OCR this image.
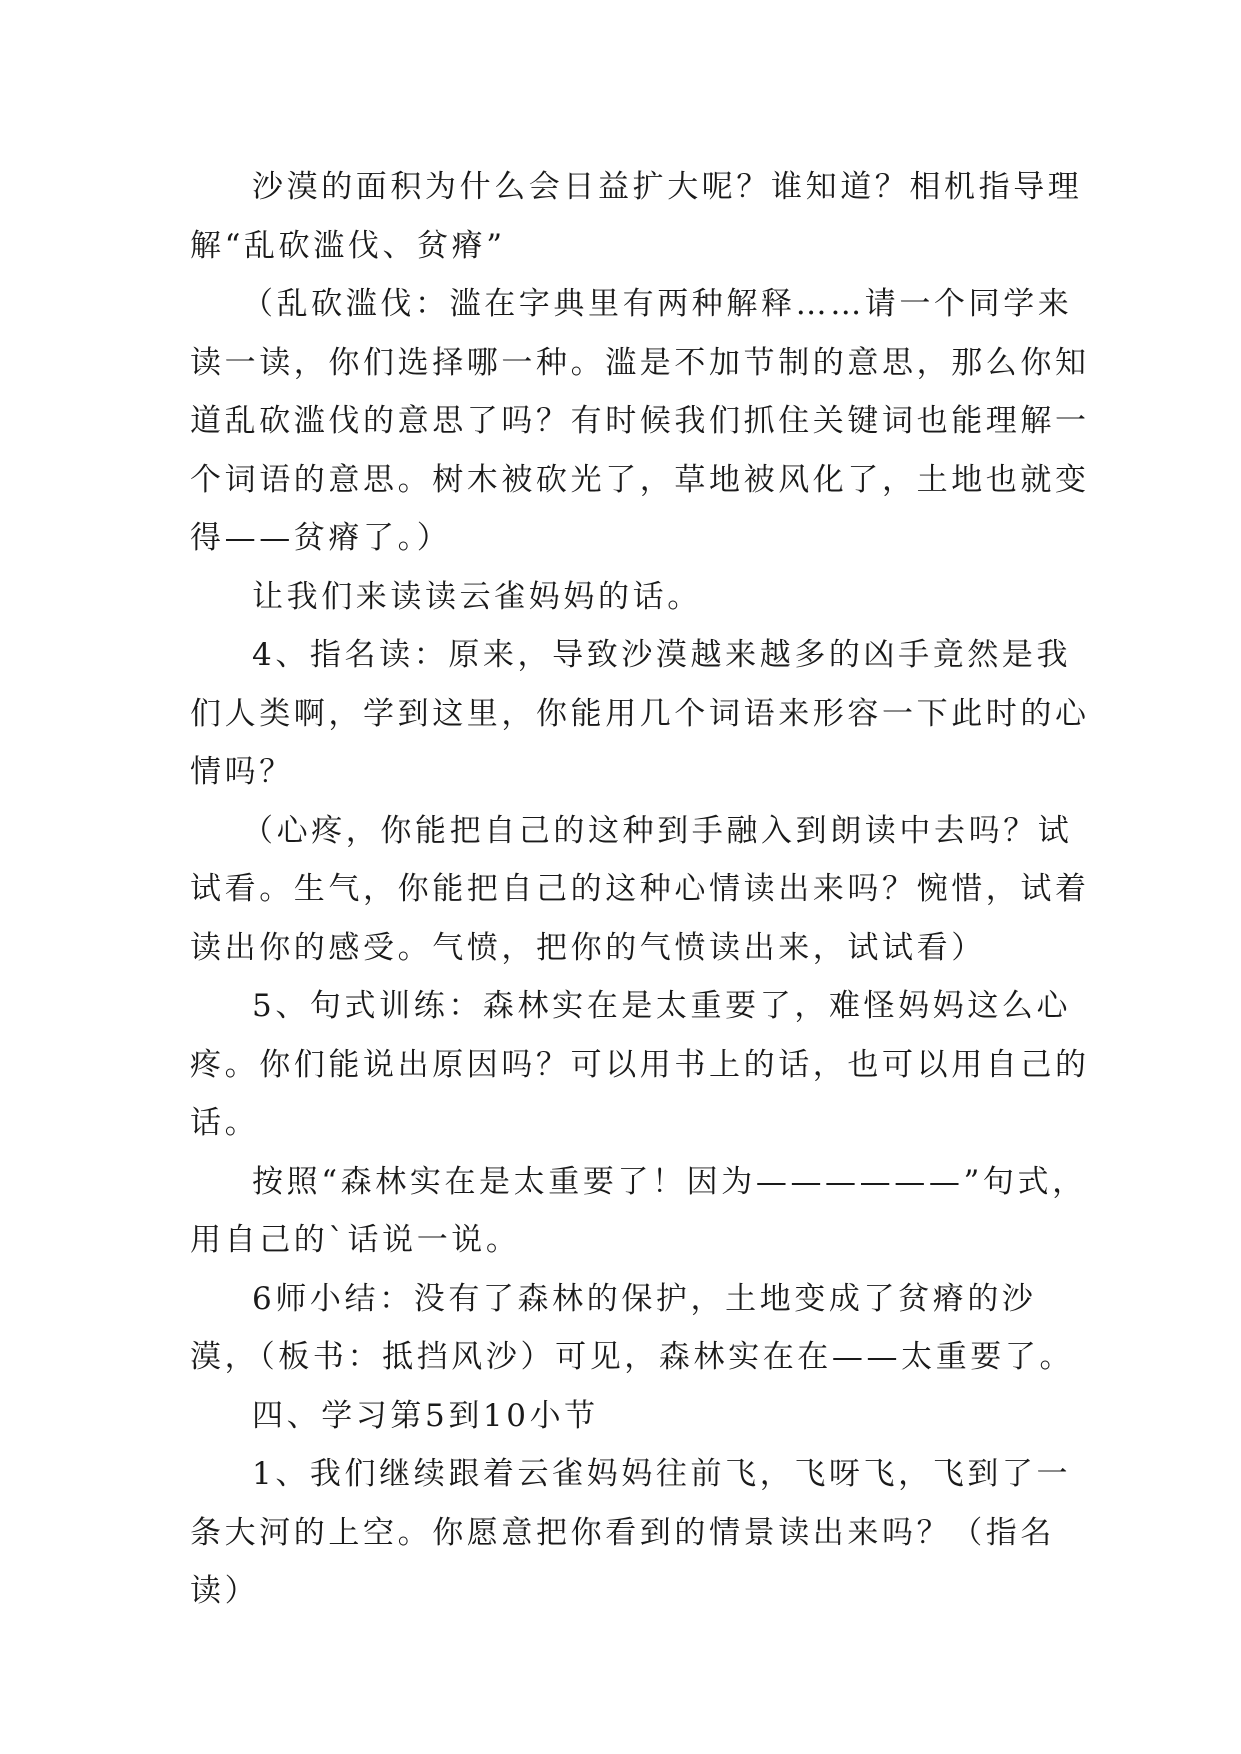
沙漠的面积为什么会日益扩大呢？谁知道？相机指导理解“乱砍滥伐、贫瘠”

（乱砍滥伐：滥在字典里有两种解释……请一个同学来读一读，你们选择哪一种。滥是不加节制的意思，那么你知道乱砍滥伐的意思了吗？有时候我们抓住关键词也能理解一个词语的意思。树木被砍光了，草地被风化了，土地也就变得——贫瘠了。）

让我们来读读云雀妈妈的话。

4、指名读：原来，导致沙漠越来越多的凶手竟然是我们人类啊，学到这里，你能用几个词语来形容一下此时的心情吗？

（心疼，你能把自己的这种到手融入到朗读中去吗？试试看。生气，你能把自己的这种心情读出来吗？惋惜，试着读出你的感受。气愤，把你的气愤读出来，试试看）

5、句式训练：森林实在是太重要了，难怪妈妈这么心疼。你们能说出原因吗？可以用书上的话，也可以用自己的话。

按照“森林实在是太重要了！因为——————”句式，用自己的`话说一说。

6师小结：没有了森林的保护，土地变成了贫瘠的沙漠，（板书：抵挡风沙）可见，森林实在在——太重要了。

四、学习第5到10小节

1、我们继续跟着云雀妈妈往前飞，飞呀飞，飞到了一条大河的上空。你愿意把你看到的情景读出来吗？（指名读）
